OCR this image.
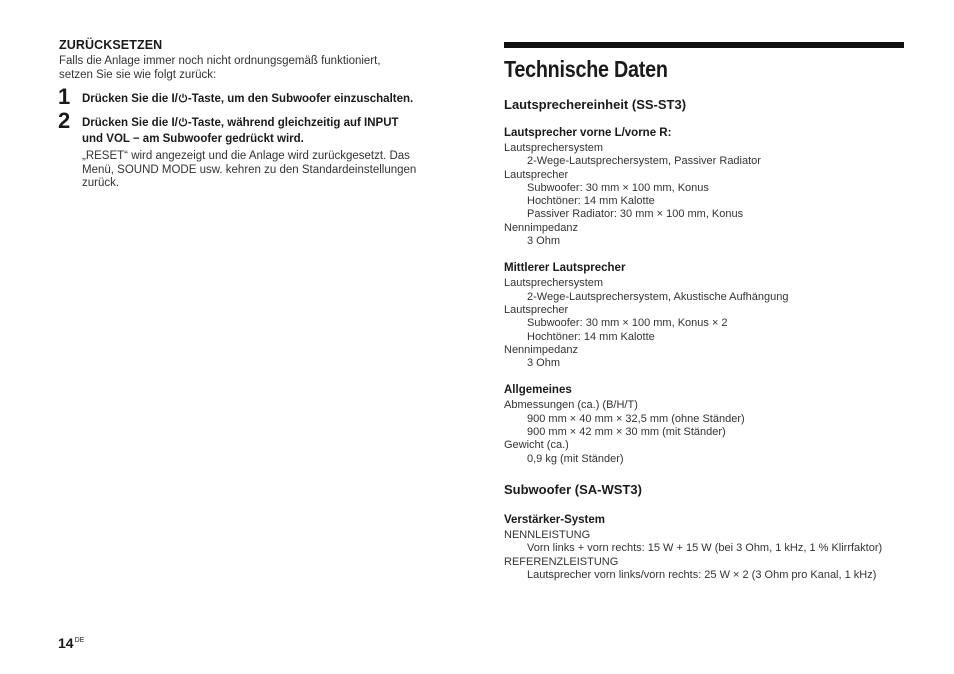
ZURÜCKSETZEN

Falls die Anlage immer noch nicht ordnungsgemäß funktioniert,

setzen Sie sie wie folgt zurück:

1 Drücken Sie die I/ -Taste, um den Subwoofer einzuschalten.
2 Drücken Sie die I/ -Taste, während gleichzeitig auf INPUT
und VOL − am Subwoofer gedrückt wird.
„RESET“ wird angezeigt und die Anlage wird zurückgesetzt. Das
Menü, SOUND MODE usw. kehren zu den Standardeinstellungen
zurück.
Technische Daten
Lautsprechereinheit (SS-ST3)
Lautsprecher vorne L/vorne R:
Lautsprechersystem
2-Wege-Lautsprechersystem, Passiver Radiator
Lautsprecher
Subwoofer: 30 mm × 100 mm, Konus
Hochtöner: 14 mm Kalotte
Passiver Radiator: 30 mm × 100 mm, Konus
Nennimpedanz
3 Ohm
Mittlerer Lautsprecher
Lautsprechersystem
2-Wege-Lautsprechersystem, Akustische Aufhängung
Lautsprecher
Subwoofer: 30 mm × 100 mm, Konus × 2
Hochtöner: 14 mm Kalotte
Nennimpedanz
3 Ohm
Allgemeines
Abmessungen (ca.) (B/H/T)
900 mm × 40 mm × 32,5 mm (ohne Ständer)
900 mm × 42 mm × 30 mm (mit Ständer)
Gewicht (ca.)
0,9 kg (mit Ständer)
Subwoofer (SA-WST3)
Verstärker-System
NENNLEISTUNG
Vorn links + vorn rechts: 15 W + 15 W (bei 3 Ohm, 1 kHz, 1 % Klirrfaktor)
REFERENZLEISTUNG
Lautsprecher vorn links/vorn rechts: 25 W × 2 (3 Ohm pro Kanal, 1 kHz)
14DE
